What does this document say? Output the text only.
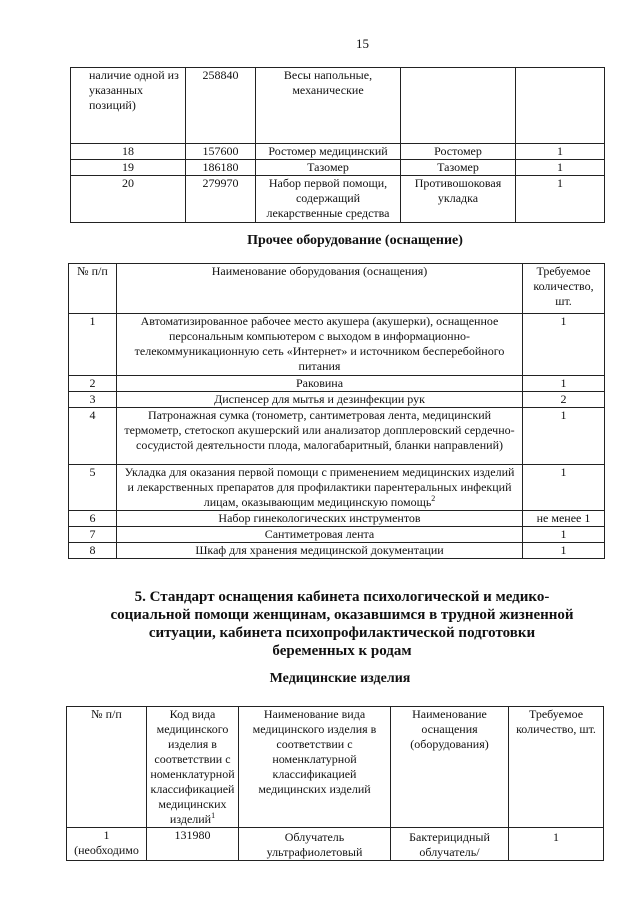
15
наличие одной из указанных позиций)	258840	Весы напольные, механические		
18	157600	Ростомер медицинский	Ростомер	1
19	186180	Тазомер	Тазомер	1
20	279970	Набор первой помощи, содержащий лекарственные средства	Противошоковая укладка	1
Прочее оборудование (оснащение)
№ п/п	Наименование оборудования (оснащения)	Требуемое количество, шт.
1	Автоматизированное рабочее место акушера (акушерки), оснащенное персональным компьютером с выходом в информационно-телекоммуникационную сеть «Интернет» и источником бесперебойного питания	1
2	Раковина	1
3	Диспенсер для мытья и дезинфекции рук	2
4	Патронажная сумка (тонометр, сантиметровая лента, медицинский термометр, стетоскоп акушерский или анализатор допплеровский сердечно-сосудистой деятельности плода, малогабаритный, бланки направлений)	1
5	Укладка для оказания первой помощи с применением медицинских изделий и лекарственных препаратов для профилактики парентеральных инфекций лицам, оказывающим медицинскую помощь$^2$	1
6	Набор гинекологических инструментов	не менее 1
7	Сантиметровая лента	1
8	Шкаф для хранения медицинской документации	1
5. Стандарт оснащения кабинета психологической и медико-социальной помощи женщинам, оказавшимся в трудной жизненной ситуации, кабинета психопрофилактической подготовки беременных к родам
Медицинские изделия
№ п/п	Код вида медицинского изделия в соответствии с номенклатурной классификацией медицинских изделий$^1$	Наименование вида медицинского изделия в соответствии с номенклатурной классификацией медицинских изделий	Наименование оснащения (оборудования)	Требуемое количество, шт.
1 (необходимо	131980	Облучатель ультрафиолетовый	Бактерицидный облучатель/	1
